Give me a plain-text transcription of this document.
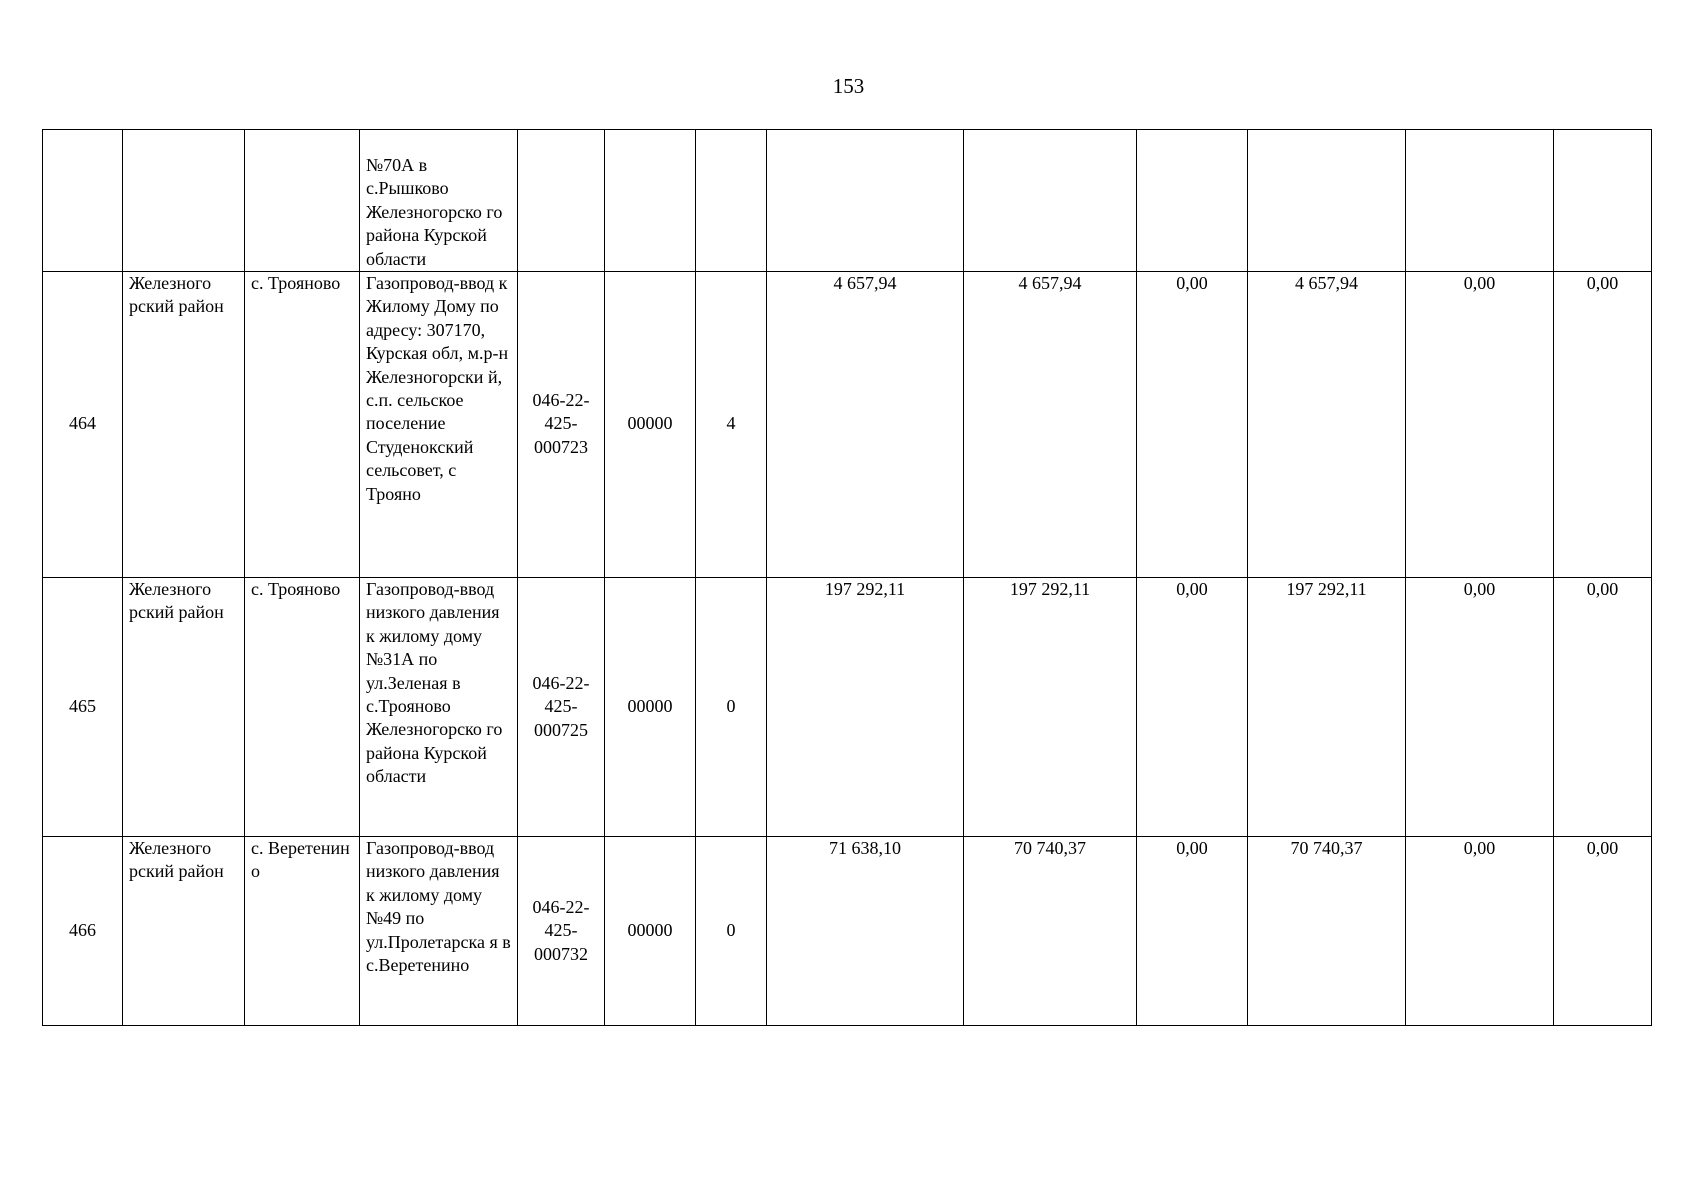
153

			№70А в с.Рышково Железногорско го района Курской области									

464	Железного рский район	с. Трояново	Газопровод-ввод к Жилому Дому по адресу: 307170, Курская обл, м.р-н Железногорски й, с.п. сельское поселение Студенокский сельсовет, с Трояно	046-22-425-000723	00000	4	4 657,94	4 657,94	0,00	4 657,94	0,00	0,00
465	Железного рский район	с. Трояново	Газопровод-ввод низкого давления к жилому дому №31А по ул.Зеленая в с.Трояново Железногорско го района Курской области	046-22-425-000725	00000	0	197 292,11	197 292,11	0,00	197 292,11	0,00	0,00
466	Железного рский район	с. Веретенин о	Газопровод-ввод низкого давления к жилому дому №49 по ул.Пролетарска я в с.Веретенино	046-22-425-000732	00000	0	71 638,10	70 740,37	0,00	70 740,37	0,00	0,00
